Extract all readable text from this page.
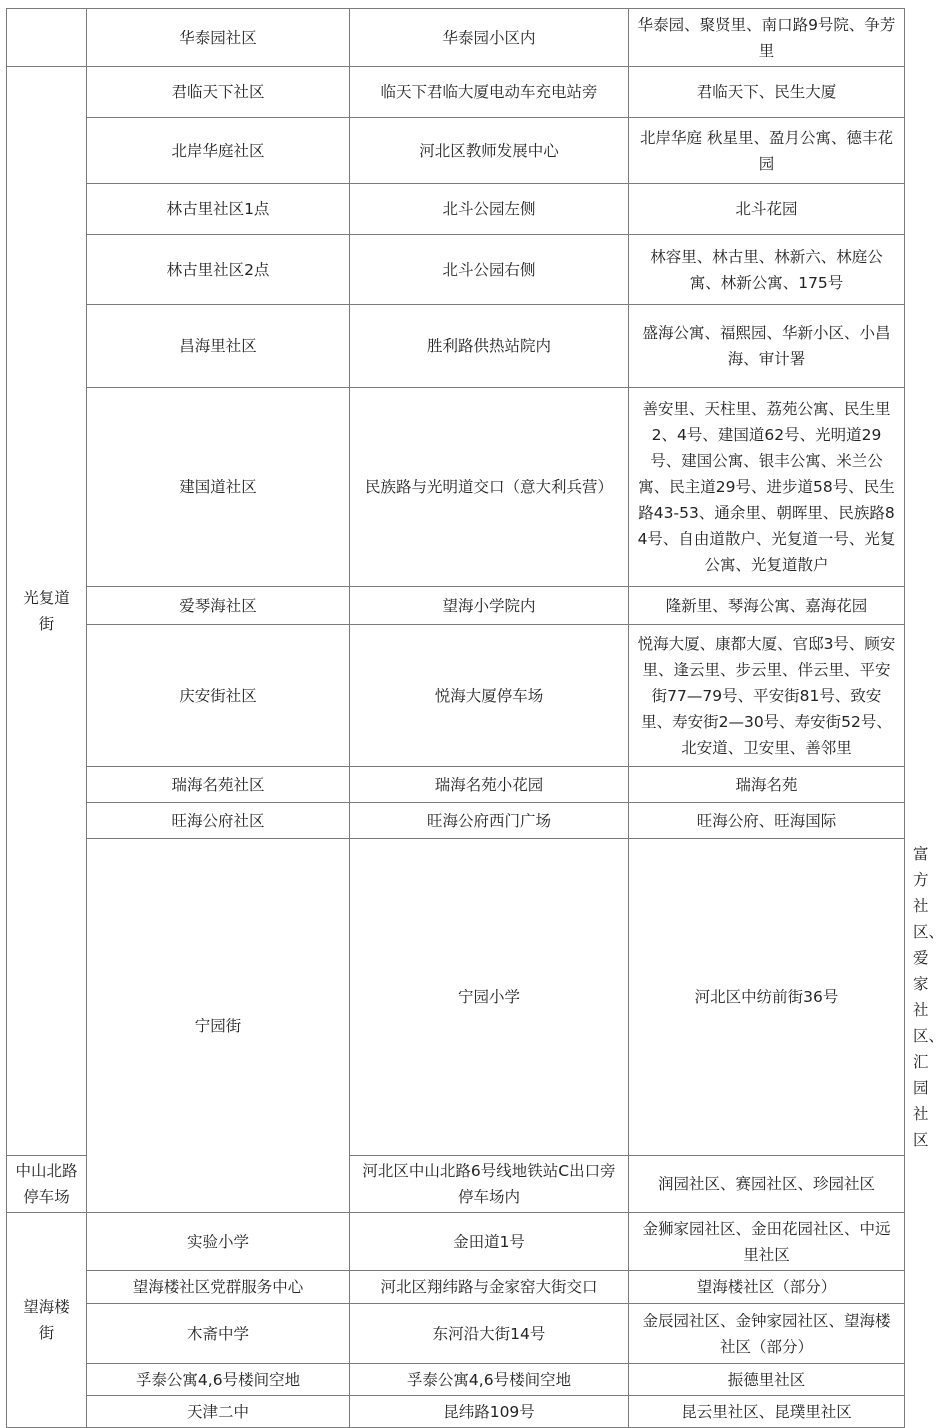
	华泰园社区	华泰园小区内	华泰园、聚贤里、南口路9号院、争芳里	
光复道街	君临天下社区	临天下君临大厦电动车充电站旁	君临天下、民生大厦	
	北岸华庭社区	河北区教师发展中心	北岸华庭 秋星里、盈月公寓、德丰花园	
	林古里社区1点	北斗公园左侧	北斗花园	
	林古里社区2点	北斗公园右侧	林容里、林古里、林新六、林庭公寓、林新公寓、175号	
	昌海里社区	胜利路供热站院内	盛海公寓、福熙园、华新小区、小昌海、审计署	
	建国道社区	民族路与光明道交口（意大利兵营）	善安里、天柱里、荔苑公寓、民生里2、4号、建国道62号、光明道29号、建国公寓、银丰公寓、米兰公寓、民主道29号、进步道58号、民生路43-53、通余里、朝晖里、民族路84号、自由道散户、光复道一号、光复公寓、光复道散户	
	爱琴海社区	望海小学院内	隆新里、琴海公寓、嘉海花园	
	庆安街社区	悦海大厦停车场	悦海大厦、康都大厦、官邸3号、顾安里、逢云里、步云里、伴云里、平安街77—79号、平安街81号、致安里、寿安街2—30号、寿安街52号、北安道、卫安里、善邻里	
	瑞海名苑社区	瑞海名苑小花园	瑞海名苑	
	旺海公府社区	旺海公府西门广场	旺海公府、旺海国际	
	宁园街	宁园小学	河北区中纺前街36号	富方社区、爱家社区、汇园社区
中山北路停车场		河北区中山北路6号线地铁站C出口旁停车场内	润园社区、赛园社区、珍园社区	
望海楼街	实验小学	金田道1号	金狮家园社区、金田花园社区、中远里社区	
	望海楼社区党群服务中心	河北区翔纬路与金家窑大街交口	望海楼社区（部分）	
	木斋中学	东河沿大街14号	金辰园社区、金钟家园社区、望海楼社区（部分）	
	孚泰公寓4,6号楼间空地	孚泰公寓4,6号楼间空地	振德里社区	
	天津二中	昆纬路109号	昆云里社区、昆璞里社区	
